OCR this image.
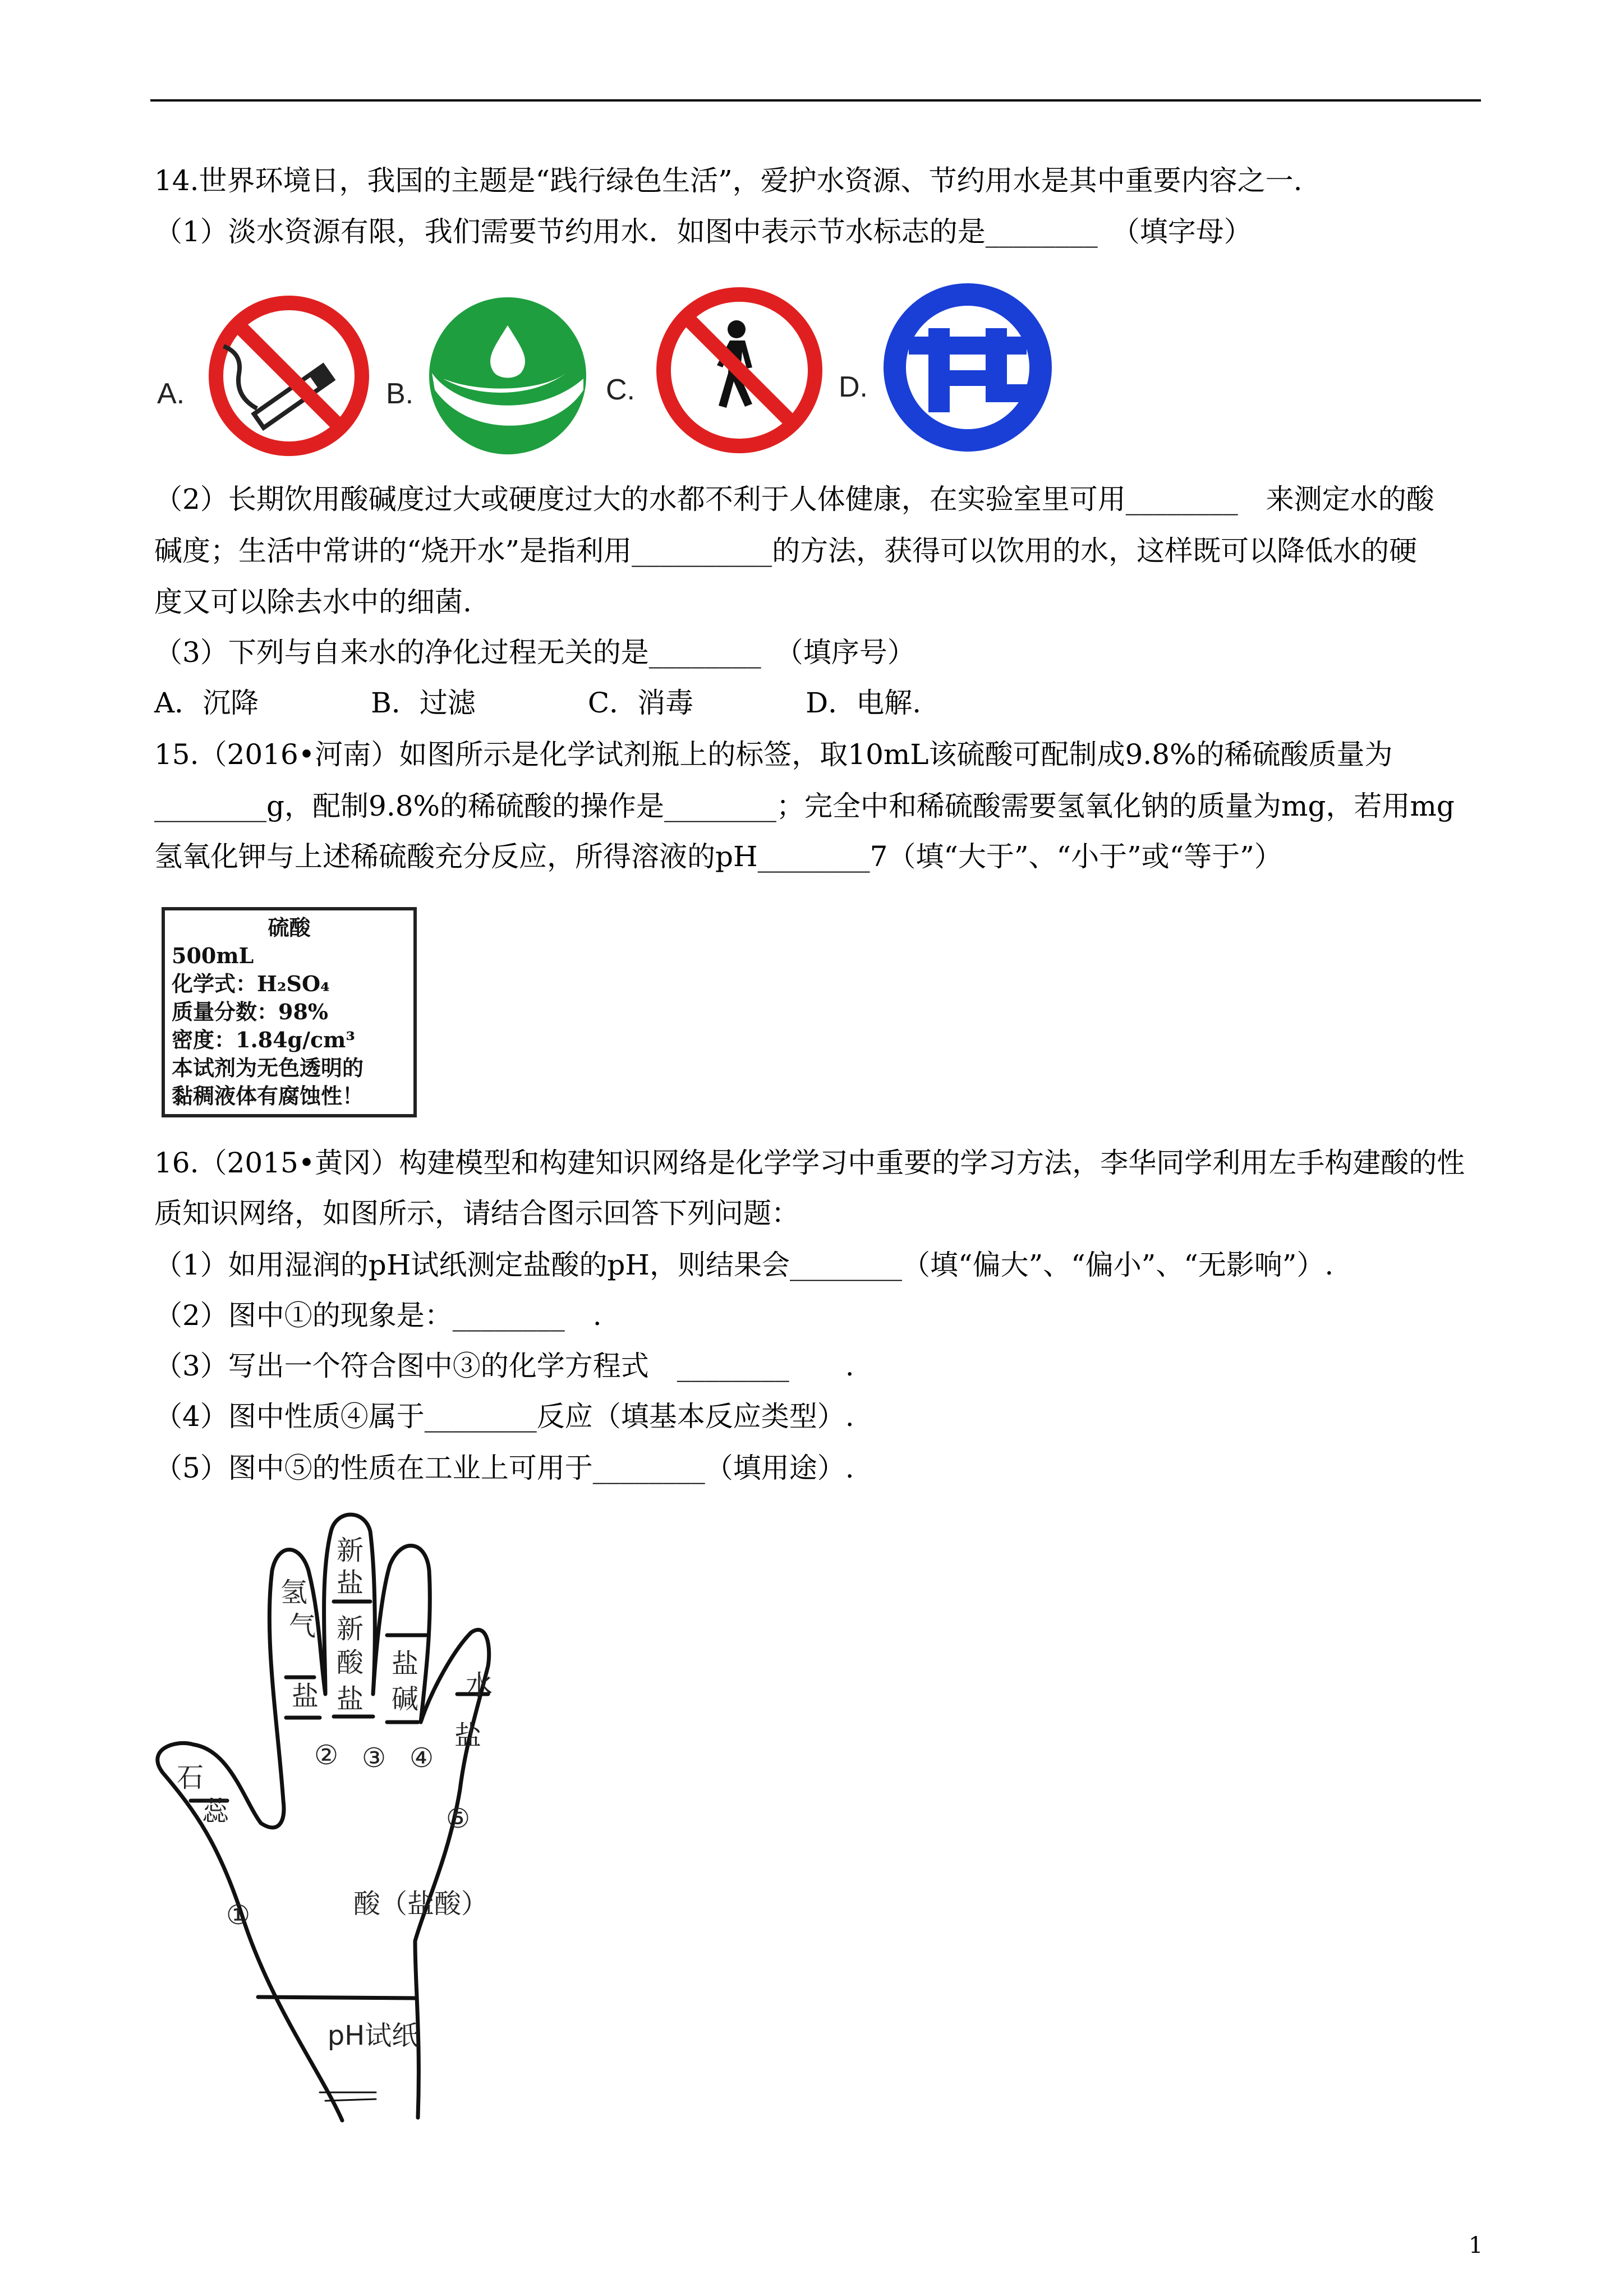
14.世界环境日，我国的主题是“践行绿色生活”，爱护水资源、节约用水是其中重要内容之一.
（1）淡水资源有限，我们需要节约用水．如图中表示节水标志的是________　（填字母）
A.	B.	C.	D.
（2）长期饮用酸碱度过大或硬度过大的水都不利于人体健康，在实验室里可用________　来测定水的酸
碱度；生活中常讲的“烧开水”是指利用__________的方法，获得可以饮用的水，这样既可以降低水的硬
度又可以除去水中的细菌.
（3）下列与自来水的净化过程无关的是________　（填序号）
A．沉降　　　　B．过滤　　　　C．消毒　　　　D．电解.
15.（2016•河南）如图所示是化学试剂瓶上的标签，取10mL该硫酸可配制成9.8%的稀硫酸质量为
________g，配制9.8%的稀硫酸的操作是________；完全中和稀硫酸需要氢氧化钠的质量为mg，若用mg
氢氧化钾与上述稀硫酸充分反应，所得溶液的pH________7（填“大于”、“小于”或“等于”）
硫酸
500mL
化学式：H₂SO₄
质量分数：98%
密度：1.84g/cm³
本试剂为无色透明的
黏稠液体有腐蚀性！
16.（2015•黄冈）构建模型和构建知识网络是化学学习中重要的学习方法，李华同学利用左手构建酸的性
质知识网络，如图所示，请结合图示回答下列问题：
（1）如用湿润的pH试纸测定盐酸的pH，则结果会________（填“偏大”、“偏小”、“无影响”）.
（2）图中①的现象是：________　.
（3）写出一个符合图中③的化学方程式　________　　.
（4）图中性质④属于________反应（填基本反应类型）.
（5）图中⑤的性质在工业上可用于________（填用途）.
石
蕊
氢
气
盐
新
盐
新
酸
盐
盐
碱 水
盐
①
② ③ ④
⑤
酸（盐酸）
pH试纸
1
